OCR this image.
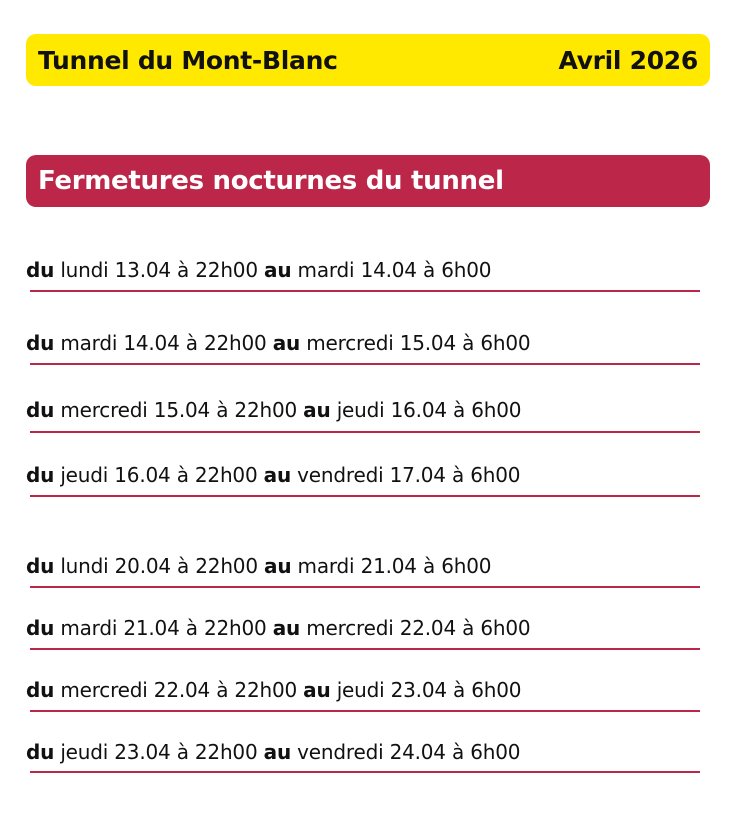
Tunnel du Mont-Blanc	Avril 2026
Fermetures nocturnes du tunnel
du lundi 13.04 à 22h00 au mardi 14.04 à 6h00
du mardi 14.04 à 22h00 au mercredi 15.04 à 6h00
du mercredi 15.04 à 22h00 au jeudi 16.04 à 6h00
du jeudi 16.04 à 22h00 au vendredi 17.04 à 6h00
du lundi 20.04 à 22h00 au mardi 21.04 à 6h00
du mardi 21.04 à 22h00 au mercredi 22.04 à 6h00
du mercredi 22.04 à 22h00 au jeudi 23.04 à 6h00
du jeudi 23.04 à 22h00 au vendredi 24.04 à 6h00
